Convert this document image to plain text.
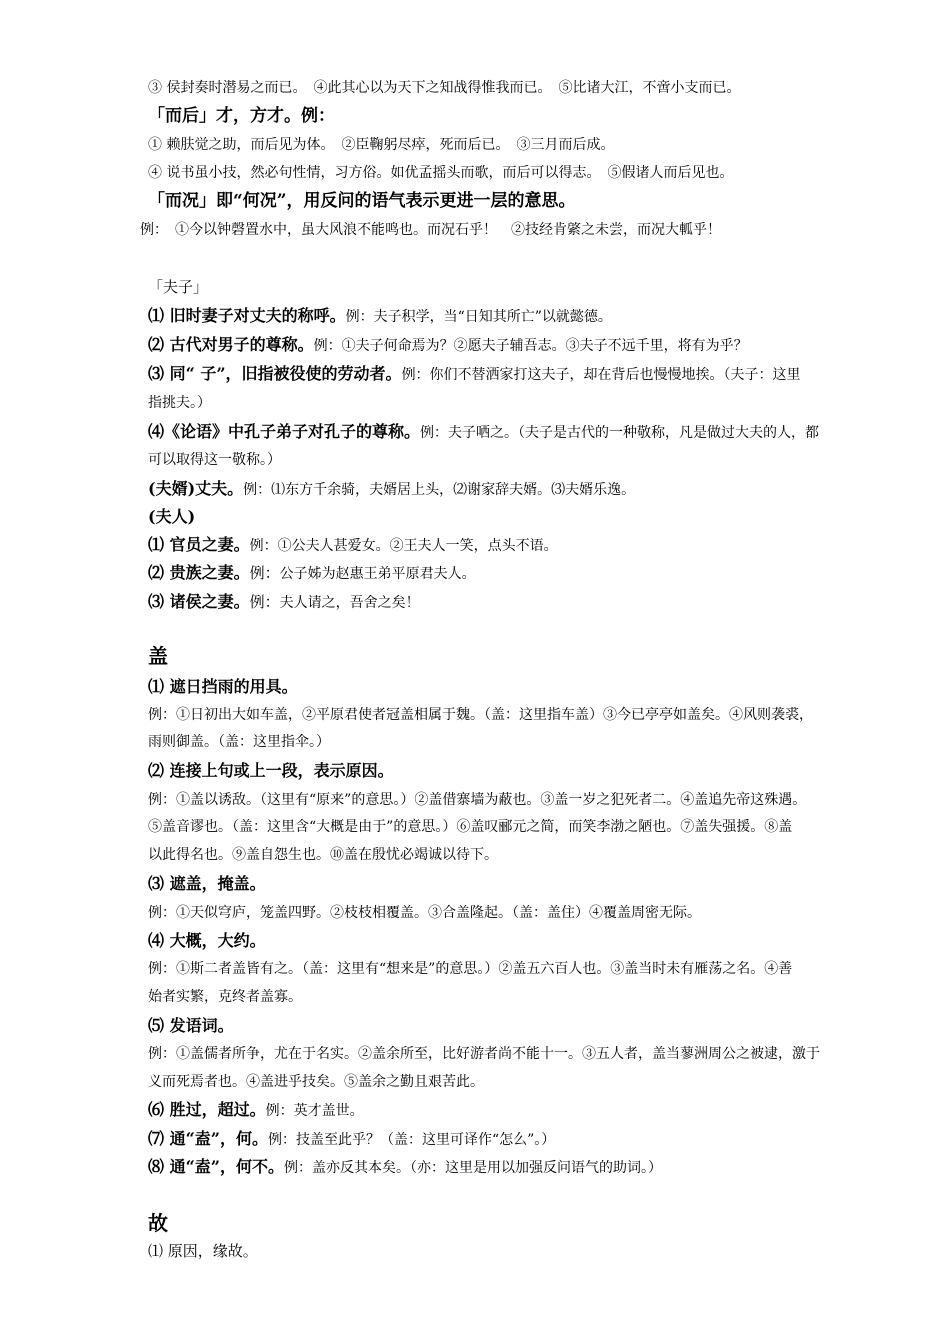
③ 侯封奏时潜易之而已。　④此其心以为天下之知战得惟我而已。　⑤比诸大江，不啻小支而已。
「而后」才，方才。例：
① 赖肤觉之助，而后见为体。　②臣鞠躬尽瘁，死而后已。　③三月而后成。
④ 说书虽小技，然必句性情，习方俗。如优孟摇头而歌，而后可以得志。　⑤假诸人而后见也。
「而况」即“何况”，用反问的语气表示更进一层的意思。
例：　①今以钟磬置水中，虽大风浪不能鸣也。而况石乎！　②技经肯綮之未尝，而况大軱乎！
「夫子」
⑴ 旧时妻子对丈夫的称呼。例：夫子积学，当“日知其所亡”以就懿德。
⑵ 古代对男子的尊称。例：①夫子何命焉为？②愿夫子辅吾志。③夫子不远千里，将有为乎？
⑶ 同“ 子”，旧指被役使的劳动者。例：你们不替洒家打这夫子，却在背后也慢慢地挨。（夫子：这里
指挑夫。）
⑷《论语》中孔子弟子对孔子的尊称。例：夫子哂之。（夫子是古代的一种敬称，凡是做过大夫的人，都
可以取得这一敬称。）
(夫婿)丈夫。例：⑴东方千余骑，夫婿居上头，⑵谢家辞夫婿。⑶夫婿乐逸。
(夫人)
⑴ 官员之妻。例：①公夫人甚爱女。②王夫人一笑，点头不语。
⑵ 贵族之妻。例：公子姊为赵惠王弟平原君夫人。
⑶ 诸侯之妻。例：夫人请之，吾舍之矣！
盖
⑴ 遮日挡雨的用具。
例：①日初出大如车盖，②平原君使者冠盖相属于魏。（盖：这里指车盖）③今已亭亭如盖矣。④风则袭裘，
雨则御盖。（盖：这里指伞。）
⑵ 连接上句或上一段，表示原因。
例：①盖以诱敌。（这里有“原来”的意思。）②盖借寨墙为蔽也。③盖一岁之犯死者二。④盖追先帝这殊遇。
⑤盖音谬也。（盖：这里含“大概是由于”的意思。）⑥盖叹郦元之简，而笑李渤之陋也。⑦盖失强援。⑧盖
以此得名也。⑨盖自怨生也。⑩盖在殷忧必竭诚以待下。
⑶ 遮盖，掩盖。
例：①天似穹庐，笼盖四野。②枝枝相覆盖。③合盖隆起。（盖：盖住）④覆盖周密无际。
⑷ 大概，大约。
例：①斯二者盖皆有之。（盖：这里有“想来是”的意思。）②盖五六百人也。③盖当时未有雁荡之名。④善
始者实繁，克终者盖寡。
⑸ 发语词。
例：①盖儒者所争，尤在于名实。②盖余所至，比好游者尚不能十一。③五人者，盖当蓼洲周公之被逮，激于
义而死焉者也。④盖进乎技矣。⑤盖余之勤且艰苦此。
⑹ 胜过，超过。例：英才盖世。
⑺ 通“盍”，何。例：技盖至此乎？（盖：这里可译作“怎么”。）
⑻ 通“盍”，何不。例：盖亦反其本矣。（亦：这里是用以加强反问语气的助词。）
故
⑴ 原因，缘故。
